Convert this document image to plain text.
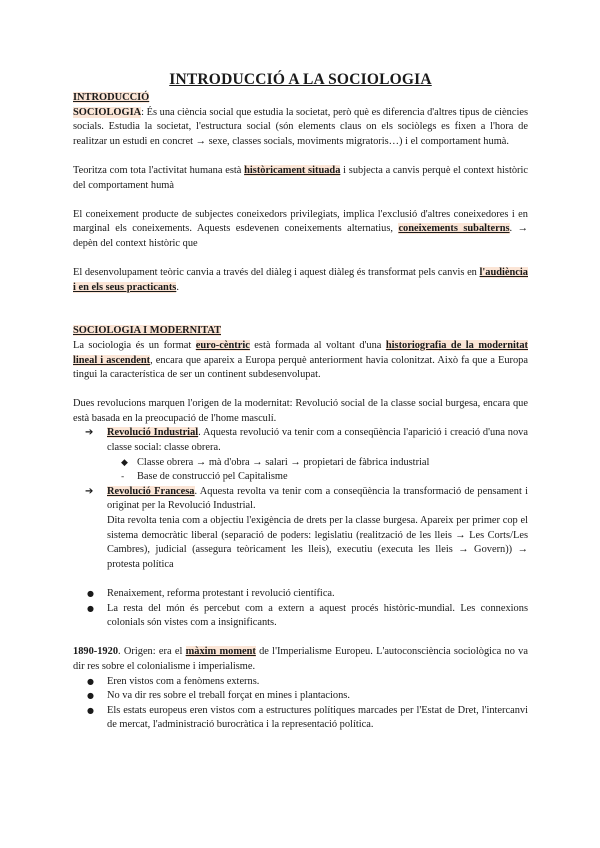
INTRODUCCIÓ A LA SOCIOLOGIA
INTRODUCCIÓ

SOCIOLOGIA: És una ciència social que estudia la societat, però què es diferencia d'altres tipus de ciències socials. Estudia la societat, l'estructura social (són elements claus on els sociòlegs es fixen a l'hora de realitzar un estudi en concret → sexe, classes socials, moviments migratoris…) i el comportament humà.

Teoritza com tota l'activitat humana està històricament situada i subjecta a canvis perquè el context històric del comportament humà

El coneixement producte de subjectes coneixedors privilegiats, implica l'exclusió d'altres coneixedores i en marginal els coneixements. Aquests esdevenen coneixements alternatius, coneixements subalterns. → depèn del context històric que

El desenvolupament teòric canvia a través del diàleg i aquest diàleg és transformat pels canvis en l'audiència i en els seus practicants.

SOCIOLOGIA I MODERNITAT

La sociologia és un format euro-cèntric està formada al voltant d'una historiografia de la modernitat lineal i ascendent, encara que apareix a Europa perquè anteriorment havia colonitzat. Això fa que a Europa tingui la característica de ser un continent subdesenvolupat.

Dues revolucions marquen l'origen de la modernitat: Revolució social de la classe social burgesa, encara que està basada en la preocupació de l'home masculí.

➔	Revolució Industrial. Aquesta revolució va tenir com a conseqüència l'aparició i creació d'una nova classe social: classe obrera.
◆ Classe obrera → mà d'obra → salari → propietari de fàbrica industrial
-	Base de construcció pel Capitalisme
➔	Revolució Francesa. Aquesta revolta va tenir com a conseqüència la transformació de pensament i originat per la Revolució Industrial.

Dita revolta tenia com a objectiu l'exigència de drets per la classe burgesa. Apareix per primer cop el sistema democràtic liberal (separació de poders: legislatiu (realització de les lleis → Les Corts/Les Cambres), judicial (assegura teòricament les lleis), executiu (executa les lleis → Govern)) → protesta política

●	Renaixement, reforma protestant i revolució científica.
●	La resta del món és percebut com a extern a aquest procés històric-mundial. Les connexions colonials són vistes com a insignificants.

1890-1920. Origen: era el màxim moment de l'Imperialisme Europeu. L'autoconsciència sociològica no va dir res sobre el colonialisme i imperialisme.

●	Eren vistos com a fenòmens externs.
●	No va dir res sobre el treball forçat en mines i plantacions.
●	Els estats europeus eren vistos com a estructures polítiques marcades per l'Estat de Dret, l'intercanvi de mercat, l'administració burocràtica i la representació política.
